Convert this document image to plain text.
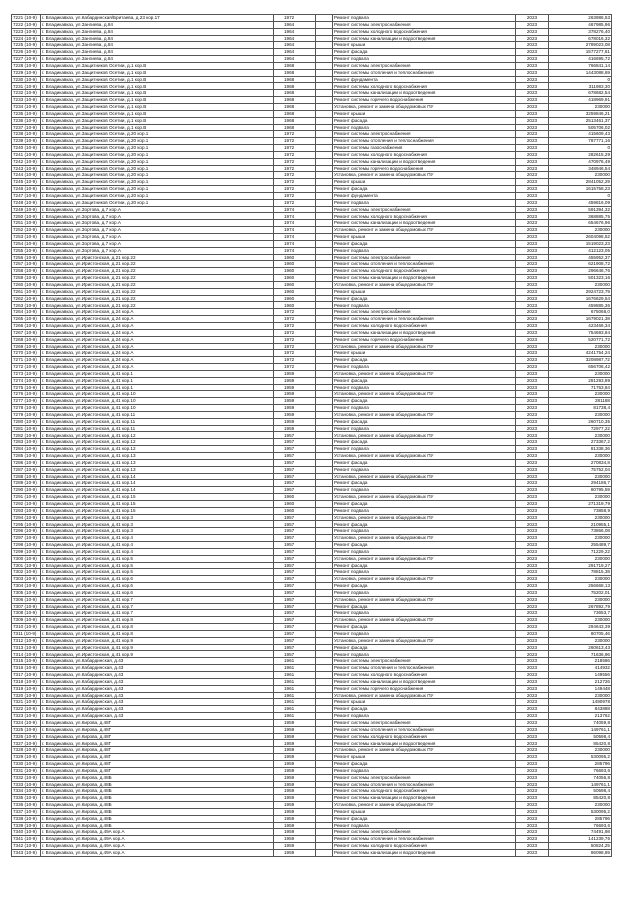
7221 (10-9)	г. Владикавказ, ул.Кабардинская/Бритаева, д.23 кор.17	1972		Ремонт подвала	2023	263986,53
7222 (10-9)	г. Владикавказ, ул.Зангиева, д.84	1964		Ремонт системы электроснабжения	2023	467985,96
7223 (10-9)	г. Владикавказ, ул.Зангиева, д.84	1964		Ремонт системы холодного водоснабжения	2023	378276,40
7224 (10-9)	г. Владикавказ, ул.Зангиева, д.84	1964		Ремонт системы канализации и водоотведения	2023	678016,32
7225 (10-9)	г. Владикавказ, ул.Зангиева, д.84	1964		Ремонт крыши	2023	2789023,08
7226 (10-9)	г. Владикавказ, ул.Зангиева, д.84	1964		Ремонт фасада	2023	1577277,61
7227 (10-9)	г. Владикавказ, ул.Зангиева, д.84	1964		Ремонт подвала	2023	416695,72
7228 (10-9)	г. Владикавказ, ул.Защитников Осетии, д.1 кор.В	1968		Ремонт системы электроснабжения	2023	766841,14
7229 (10-9)	г. Владикавказ, ул.Защитников Осетии, д.1 кор.В	1968		Ремонт системы отопления и теплоснабжения	2023	1443088,69
7230 (10-9)	г. Владикавказ, ул.Защитников Осетии, д.1 кор.В	1968		Ремонт фундамента	2023	0
7231 (10-9)	г. Владикавказ, ул.Защитников Осетии, д.1 кор.В	1968		Ремонт системы холодного водоснабжения	2023	311983,30
7232 (10-9)	г. Владикавказ, ул.Защитников Осетии, д.1 кор.В	1968		Ремонт системы канализации и водоотведения	2023	678682,54
7233 (10-9)	г. Владикавказ, ул.Защитников Осетии, д.1 кор.В	1968		Ремонт системы горячего водоснабжения	2023	418969,91
7234 (10-9)	г. Владикавказ, ул.Защитников Осетии, д.1 кор.В	1968		Установка, ремонт и замена общедомовых ПУ	2023	230000
7235 (10-9)	г. Владикавказ, ул.Защитников Осетии, д.1 кор.В	1968		Ремонт крыши	2023	3259846,21
7236 (10-9)	г. Владикавказ, ул.Защитников Осетии, д.1 кор.В	1968		Ремонт фасада	2023	2513461,37
7237 (10-9)	г. Владикавказ, ул.Защитников Осетии, д.1 кор.В	1968		Ремонт подвала	2023	505706,02
7238 (10-9)	г. Владикавказ, ул.Защитников Осетии, д.20 кор.1	1972		Ремонт системы электроснабжения	2023	415609,43
7239 (10-9)	г. Владикавказ, ул.Защитников Осетии, д.20 кор.1	1972		Ремонт системы отопления и теплоснабжения	2023	787771,16
7240 (10-9)	г. Владикавказ, ул.Защитников Осетии, д.20 кор.1	1972		Ремонт системы газоснабжения	2023	0
7241 (10-9)	г. Владикавказ, ул.Защитников Осетии, д.20 кор.1	1972		Ремонт системы холодного водоснабжения	2023	282615,29
7242 (10-9)	г. Владикавказ, ул.Защитников Осетии, д.20 кор.1	1972		Ремонт системы канализации и водоотведения	2023	470976,49
7243 (10-9)	г. Владикавказ, ул.Защитников Осетии, д.20 кор.1	1972		Ремонт системы горячего водоснабжения	2023	348946,54
7244 (10-9)	г. Владикавказ, ул.Защитников Осетии, д.20 кор.1	1972		Установка, ремонт и замена общедомовых ПУ	2023	230000
7245 (10-9)	г. Владикавказ, ул.Защитников Осетии, д.20 кор.1	1972		Ремонт крыши	2023	2841052,29
7246 (10-9)	г. Владикавказ, ул.Защитников Осетии, д.20 кор.1	1972		Ремонт фасада	2023	1615758,23
7247 (10-9)	г. Владикавказ, ул.Защитников Осетии, д.20 кор.1	1972		Ремонт фундамента	2023	0
7248 (10-9)	г. Владикавказ, ул.Защитников Осетии, д.20 кор.1	1972		Ремонт подвала	2023	459816,09
7249 (10-9)	г. Владикавказ, ул.Зортова, д.7 кор.А	1974		Ремонт системы электроснабжения	2023	591394,32
7250 (10-9)	г. Владикавказ, ул.Зортова, д.7 кор.А	1974		Ремонт системы холодного водоснабжения	2023	368885,75
7251 (10-9)	г. Владикавказ, ул.Зортова, д.7 кор.А	1974		Ремонт системы канализации и водоотведения	2023	654676,96
7252 (10-9)	г. Владикавказ, ул.Зортова, д.7 кор.А	1974		Установка, ремонт и замена общедомовых ПУ	2023	230000
7253 (10-9)	г. Владикавказ, ул.Зортова, д.7 кор.А	1974		Ремонт крыши	2023	2604098,52
7254 (10-9)	г. Владикавказ, ул.Зортова, д.7 кор.А	1974		Ремонт фасада	2023	1519023,23
7255 (10-9)	г. Владикавказ, ул.Зортова, д.7 кор.А	1974		Ремонт подвала	2023	412123,05
7256 (10-9)	г. Владикавказ, ул.Иристонская, д.21 кор.22	1960		Ремонт системы электроснабжения	2023	455952,37
7257 (10-9)	г. Владикавказ, ул.Иристонская, д.21 кор.22	1960		Ремонт системы отопления и теплоснабжения	2023	621908,72
7258 (10-9)	г. Владикавказ, ул.Иристонская, д.21 кор.22	1960		Ремонт системы холодного водоснабжения	2023	296646,76
7259 (10-9)	г. Владикавказ, ул.Иристонская, д.21 кор.22	1960		Ремонт системы канализации и водоотведения	2023	501323,16
7260 (10-9)	г. Владикавказ, ул.Иристонская, д.21 кор.22	1960		Установка, ремонт и замена общедомовых ПУ	2023	230000
7261 (10-9)	г. Владикавказ, ул.Иристонская, д.21 кор.22	1960		Ремонт крыши	2023	2924723,79
7262 (10-9)	г. Владикавказ, ул.Иристонская, д.21 кор.22	1960		Ремонт фасада	2023	1676629,54
7263 (10-9)	г. Владикавказ, ул.Иристонская, д.21 кор.22	1960		Ремонт подвала	2023	459885,36
7264 (10-9)	г. Владикавказ, ул.Иристонская, д.24 кор.А	1972		Ремонт системы электроснабжения	2023	675068,0
7265 (10-9)	г. Владикавказ, ул.Иристонская, д.24 кор.А	1972		Ремонт системы отопления и теплоснабжения	2023	1679021,38
7266 (10-9)	г. Владикавказ, ул.Иристонская, д.24 кор.А	1972		Ремонт системы холодного водоснабжения	2023	423466,34
7267 (10-9)	г. Владикавказ, ул.Иристонская, д.24 кор.А	1972		Ремонт системы канализации и водоотведения	2023	754693,84
7268 (10-9)	г. Владикавказ, ул.Иристонская, д.24 кор.А	1972		Ремонт системы горячего водоснабжения	2023	520771,72
7269 (10-9)	г. Владикавказ, ул.Иристонская, д.24 кор.А	1972		Установка, ремонт и замена общедомовых ПУ	2023	230000
7270 (10-9)	г. Владикавказ, ул.Иристонская, д.24 кор.А	1972		Ремонт крыши	2023	4241754,24
7271 (10-9)	г. Владикавказ, ул.Иристонская, д.24 кор.А	1972		Ремонт фасада	2023	3208987,72
7272 (10-9)	г. Владикавказ, ул.Иристонская, д.24 кор.А	1972		Ремонт подвала	2023	656706,42
7273 (10-9)	г. Владикавказ, ул.Иристонская, д.41 кор.1	1959		Установка, ремонт и замена общедомовых ПУ	2023	230000
7274 (10-9)	г. Владикавказ, ул.Иристонская, д.41 кор.1	1959		Ремонт фасада	2023	281293,89
7275 (10-9)	г. Владикавказ, ул.Иристонская, д.41 кор.1	1959		Ремонт подвала	2023	71763,84
7276 (10-9)	г. Владикавказ, ул.Иристонская, д.41 кор.10	1959		Установка, ремонт и замена общедомовых ПУ	2023	230000
7277 (10-9)	г. Владикавказ, ул.Иристонская, д.41 кор.10	1959		Ремонт фасада	2023	281188
7278 (10-9)	г. Владикавказ, ул.Иристонская, д.41 кор.10	1959		Ремонт подвала	2023	81738,4
7279 (10-9)	г. Владикавказ, ул.Иристонская, д.41 кор.11	1959		Установка, ремонт и замена общедомовых ПУ	2023	230000
7280 (10-9)	г. Владикавказ, ул.Иристонская, д.41 кор.11	1959		Ремонт фасада	2023	260710,35
7281 (10-9)	г. Владикавказ, ул.Иристонская, д.41 кор.11	1959		Ремонт подвала	2023	72977,22
7282 (10-9)	г. Владикавказ, ул.Иристонская, д.41 кор.12	1957		Установка, ремонт и замена общедомовых ПУ	2023	230000
7283 (10-9)	г. Владикавказ, ул.Иристонская, д.41 кор.12	1957		Ремонт фасада	2023	273367,2
7284 (10-9)	г. Владикавказ, ул.Иристонская, д.41 кор.12	1957		Ремонт подвала	2023	81338,36
7285 (10-9)	г. Владикавказ, ул.Иристонская, д.41 кор.13	1957		Установка, ремонт и замена общедомовых ПУ	2023	230000
7286 (10-9)	г. Владикавказ, ул.Иристонская, д.41 кор.13	1957		Ремонт фасада	2023	270834,8
7287 (10-9)	г. Владикавказ, ул.Иристонская, д.41 кор.13	1957		Ремонт подвала	2023	75752,04
7288 (10-9)	г. Владикавказ, ул.Иристонская, д.41 кор.14	1957		Установка, ремонт и замена общедомовых ПУ	2023	230000
7289 (10-9)	г. Владикавказ, ул.Иристонская, д.41 кор.14	1957		Ремонт фасада	2023	294186,7
7290 (10-9)	г. Владикавказ, ул.Иристонская, д.41 кор.14	1957		Ремонт подвала	2023	80795,59
7291 (10-9)	г. Владикавказ, ул.Иристонская, д.41 кор.15	1960		Установка, ремонт и замена общедомовых ПУ	2023	230000
7292 (10-9)	г. Владикавказ, ул.Иристонская, д.41 кор.15	1960		Ремонт фасада	2023	271319,79
7293 (10-9)	г. Владикавказ, ул.Иристонская, д.41 кор.15	1960		Ремонт подвала	2023	73858,9
7294 (10-9)	г. Владикавказ, ул.Иристонская, д.41 кор.3	1957		Установка, ремонт и замена общедомовых ПУ	2023	230000
7295 (10-9)	г. Владикавказ, ул.Иристонская, д.41 кор.3	1957		Ремонт фасада	2023	210955,1
7296 (10-9)	г. Владикавказ, ул.Иристонская, д.41 кор.3	1957		Ремонт подвала	2023	73866,08
7297 (10-9)	г. Владикавказ, ул.Иристонская, д.41 кор.4	1957		Установка, ремонт и замена общедомовых ПУ	2023	230000
7298 (10-9)	г. Владикавказ, ул.Иристонская, д.41 кор.4	1957		Ремонт фасада	2023	255489,7
7299 (10-9)	г. Владикавказ, ул.Иристонская, д.41 кор.4	1957		Ремонт подвала	2023	71229,22
7300 (10-9)	г. Владикавказ, ул.Иристонская, д.41 кор.5	1957		Установка, ремонт и замена общедомовых ПУ	2023	230000
7301 (10-9)	г. Владикавказ, ул.Иристонская, д.41 кор.5	1957		Ремонт фасада	2023	291719,27
7302 (10-9)	г. Владикавказ, ул.Иристонская, д.41 кор.5	1957		Ремонт подвала	2023	78815,38
7303 (10-9)	г. Владикавказ, ул.Иристонская, д.41 кор.6	1957		Установка, ремонт и замена общедомовых ПУ	2023	230000
7304 (10-9)	г. Владикавказ, ул.Иристонская, д.41 кор.6	1957		Ремонт фасада	2023	256668,13
7305 (10-9)	г. Владикавказ, ул.Иристонская, д.41 кор.6	1957		Ремонт подвала	2023	75202,01
7306 (10-9)	г. Владикавказ, ул.Иристонская, д.41 кор.7	1957		Установка, ремонт и замена общедомовых ПУ	2023	230000
7307 (10-9)	г. Владикавказ, ул.Иристонская, д.41 кор.7	1957		Ремонт фасада	2023	267892,79
7308 (10-9)	г. Владикавказ, ул.Иристонская, д.41 кор.7	1957		Ремонт подвала	2023	73653,7
7309 (10-9)	г. Владикавказ, ул.Иристонская, д.41 кор.8	1957		Установка, ремонт и замена общедомовых ПУ	2023	230000
7310 (10-9)	г. Владикавказ, ул.Иристонская, д.41 кор.8	1957		Ремонт фасада	2023	294643,39
7311 (10-9)	г. Владикавказ, ул.Иристонская, д.41 кор.8	1957		Ремонт подвала	2023	80705,46
7312 (10-9)	г. Владикавказ, ул.Иристонская, д.41 кор.9	1957		Установка, ремонт и замена общедомовых ПУ	2023	230000
7313 (10-9)	г. Владикавказ, ул.Иристонская, д.41 кор.9	1957		Ремонт фасада	2023	260613,43
7314 (10-9)	г. Владикавказ, ул.Иристонская, д.41 кор.9	1957		Ремонт подвала	2023	71636,96
7315 (10-9)	г. Владикавказ, ул.Кабардинская, д.43	1961		Ремонт системы электроснабжения	2023	218586
7316 (10-9)	г. Владикавказ, ул.Кабардинская, д.43	1961		Ремонт системы отопления и теплоснабжения	2023	414932
7317 (10-9)	г. Владикавказ, ул.Кабардинская, д.43	1961		Ремонт системы холодного водоснабжения	2023	149556
7318 (10-9)	г. Владикавказ, ул.Кабардинская, д.43	1961		Ремонт системы канализации и водоотведения	2023	212726
7319 (10-9)	г. Владикавказ, ул.Кабардинская, д.43	1961		Ремонт системы горячего водоснабжения	2023	149448
7320 (10-9)	г. Владикавказ, ул.Кабардинская, д.43	1961		Установка, ремонт и замена общедомовых ПУ	2023	230000
7321 (10-9)	г. Владикавказ, ул.Кабардинская, д.43	1961		Ремонт крыши	2023	1490978
7322 (10-9)	г. Владикавказ, ул.Кабардинская, д.43	1961		Ремонт фасада	2023	843888
7323 (10-9)	г. Владикавказ, ул.Кабардинская, д.43	1961		Ремонт подвала	2023	213762
7324 (10-9)	г. Владикавказ, ул.Кирова, д.48Г	1959		Ремонт системы электроснабжения	2023	74059,8
7325 (10-9)	г. Владикавказ, ул.Кирова, д.48Г	1959		Ремонт системы отопления и теплоснабжения	2023	149761,1
7326 (10-9)	г. Владикавказ, ул.Кирова, д.48Г	1959		Ремонт системы холодного водоснабжения	2023	50598,4
7327 (10-9)	г. Владикавказ, ул.Кирова, д.48Г	1959		Ремонт системы канализации и водоотведения	2023	85420,8
7328 (10-9)	г. Владикавказ, ул.Кирова, д.48Г	1959		Установка, ремонт и замена общедомовых ПУ	2023	230000
7329 (10-9)	г. Владикавказ, ул.Кирова, д.48Г	1959		Ремонт крыши	2023	530095,2
7330 (10-9)	г. Владикавказ, ул.Кирова, д.48Г	1959		Ремонт фасада	2023	285796
7331 (10-9)	г. Владикавказ, ул.Кирова, д.48Г	1959		Ремонт подвала	2023	76693,6
7332 (10-9)	г. Владикавказ, ул.Кирова, д.48Б	1959		Ремонт системы электроснабжения	2023	74056,8
7333 (10-9)	г. Владикавказ, ул.Кирова, д.48Б	1959		Ремонт системы отопления и теплоснабжения	2023	149761,1
7334 (10-9)	г. Владикавказ, ул.Кирова, д.48Б	1959		Ремонт системы холодного водоснабжения	2023	50598,4
7335 (10-9)	г. Владикавказ, ул.Кирова, д.48Б	1959		Ремонт системы канализации и водоотведения	2023	85420,8
7336 (10-9)	г. Владикавказ, ул.Кирова, д.48Б	1959		Установка, ремонт и замена общедомовых ПУ	2023	230000
7337 (10-9)	г. Владикавказ, ул.Кирова, д.48Б	1959		Ремонт крыши	2023	530095,2
7338 (10-9)	г. Владикавказ, ул.Кирова, д.48Б	1959		Ремонт фасада	2023	285796
7339 (10-9)	г. Владикавказ, ул.Кирова, д.48Б	1959		Ремонт подвала	2023	76693,6
7340 (10-9)	г. Владикавказ, ул.Кирова, д.49А кор.А	1959		Ремонт системы электроснабжения	2023	74491,98
7341 (10-9)	г. Владикавказ, ул.Кирова, д.49А кор.А	1959		Ремонт системы отопления и теплоснабжения	2023	141239,76
7342 (10-9)	г. Владикавказ, ул.Кирова, д.49А кор.А	1959		Ремонт системы холодного водоснабжения	2023	50824,25
7343 (10-9)	г. Владикавказ, ул.Кирова, д.49А кор.А	1959		Ремонт системы канализации и водоотведения	2023	86098,89
